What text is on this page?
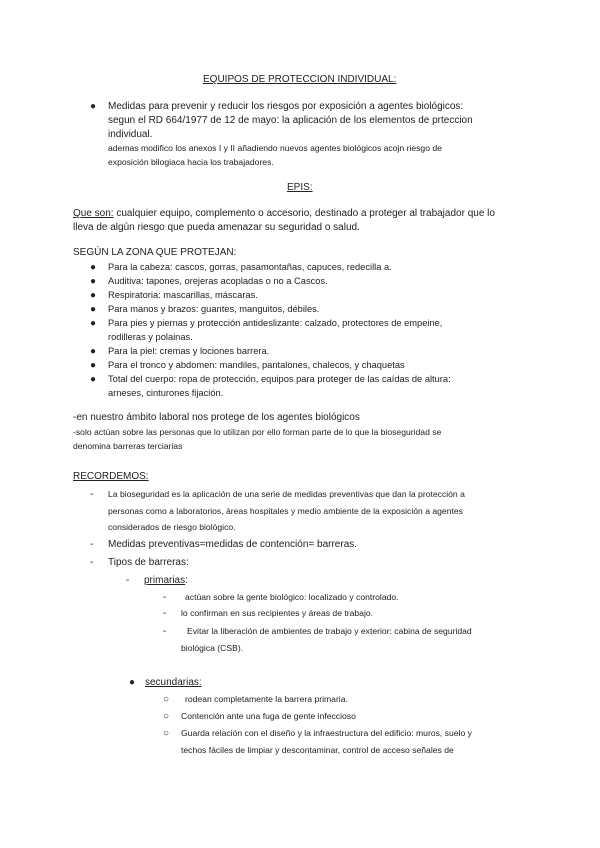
EQUIPOS DE PROTECCION INDIVIDUAL:
● Medidas para prevenir y reducir los riesgos por exposición a agentes biológicos:
segun el RD 664/1977 de 12 de mayo: la aplicación de los elementos de prteccion
individual.
ademas modifico los anexos I y II añadiendo nuevos agentes biológicos acojn riesgo de
exposición bilogiaca hacia los trabajadores.
EPIS:
Que son: cualquier equipo, complemento o accesorio, destinado a proteger al trabajador que lo
lleva de algún riesgo que pueda amenazar su seguridad o salud.
SEGÚN LA ZONA QUE PROTEJAN:
● Para la cabeza: cascos, gorras, pasamontañas, capuces, redecilla a.
● Auditiva: tapones, orejeras acopladas o no a Cascos.
● Respiratoria: mascarillas, máscaras.
● Para manos y brazos: guantes, manguitos, débiles.
● Para pies y piernas y protección antideslizante: calzado, protectores de empeine,
rodilleras y polainas.
● Para la piel: cremas y lociones barrera.
● Para el tronco y abdomen: mandiles, pantalones, chalecos, y chaquetas
● Total del cuerpo: ropa de protección, equipos para proteger de las caídas de altura:
arneses, cinturones fijación.
-en nuestro ámbito laboral nos protege de los agentes biológicos
-solo actúan sobre las personas que lo utilizan por ello forman parte de lo que la bioseguridad se
denomina barreras terciarias
RECORDEMOS:
- La bioseguridad es la aplicación de una serie de medidas preventivas que dan la protección a
personas como a laboratorios, áreas hospitales y medio ambiente de la exposición a agentes
considerados de riesgo biológico.
- Medidas preventivas=medidas de contención= barreras.
- Tipos de barreras:
- primarias:
- actúan sobre la gente biológico: localizado y controlado.
- lo confirman en sus recipientes y áreas de trabajo.
- Evitar la liberación de ambientes de trabajo y exterior: cabina de seguridad
biológica (CSB).
● secundarias:
○ rodean completamente la barrera primaria.
○ Contención ante una fuga de gente infeccioso
○ Guarda relación con el diseño y la infraestructura del edificio: muros, suelo y
techos fáciles de limpiar y descontaminar, control de acceso señales de
